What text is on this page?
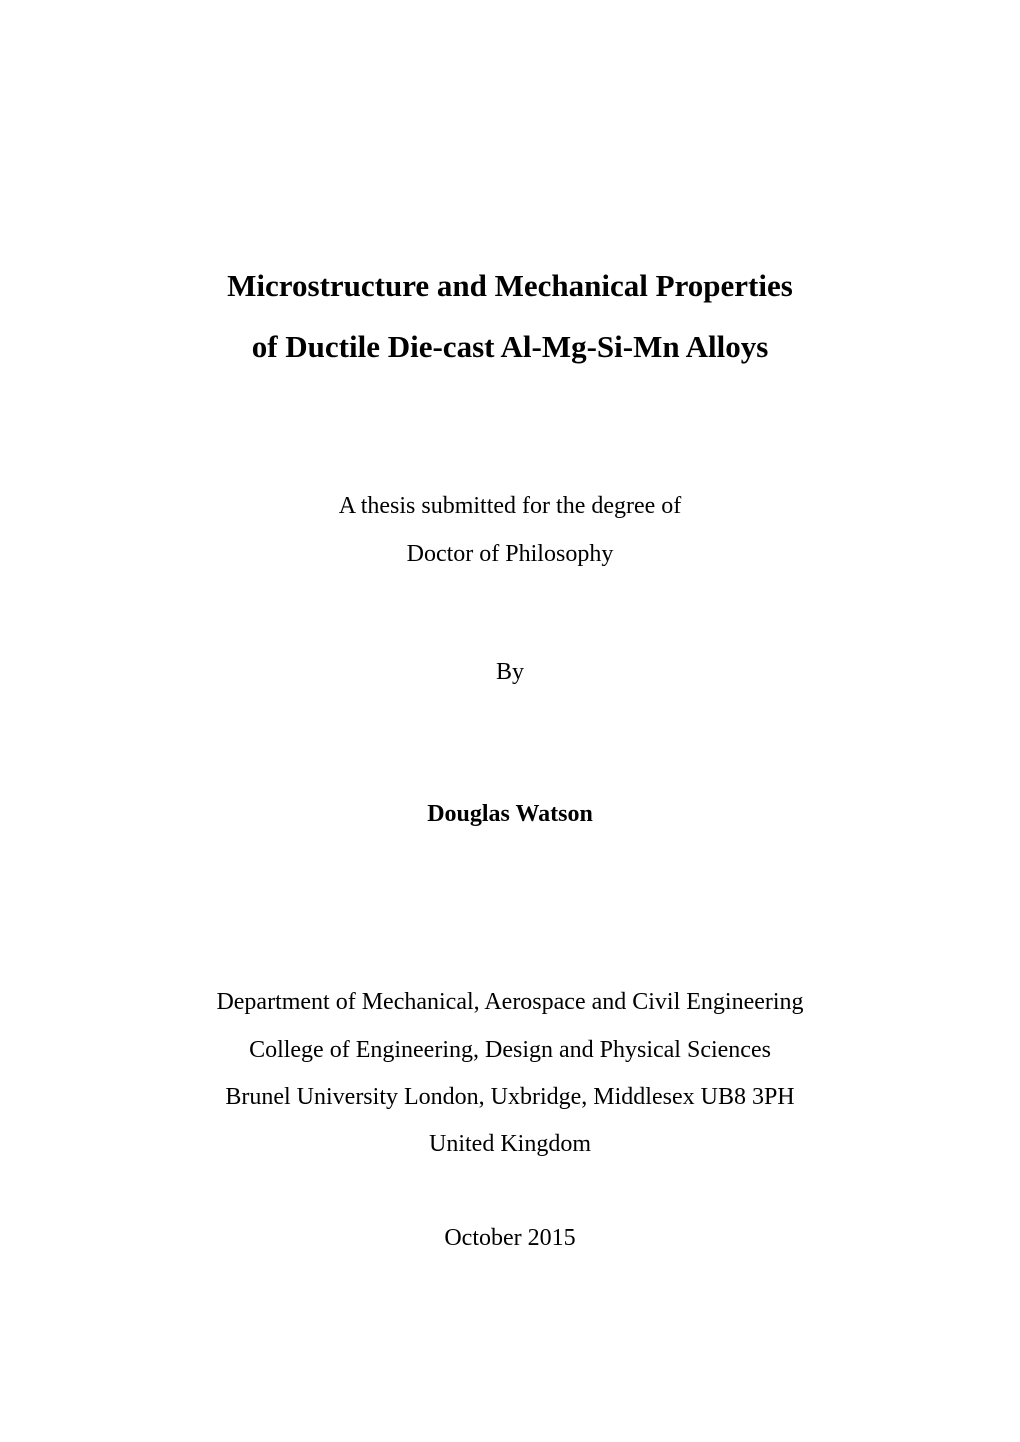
Microstructure and Mechanical Properties
of Ductile Die-cast Al-Mg-Si-Mn Alloys
A thesis submitted for the degree of
Doctor of Philosophy
By
Douglas Watson
Department of Mechanical, Aerospace and Civil Engineering
College of Engineering, Design and Physical Sciences
Brunel University London, Uxbridge, Middlesex UB8 3PH
United Kingdom
October 2015
